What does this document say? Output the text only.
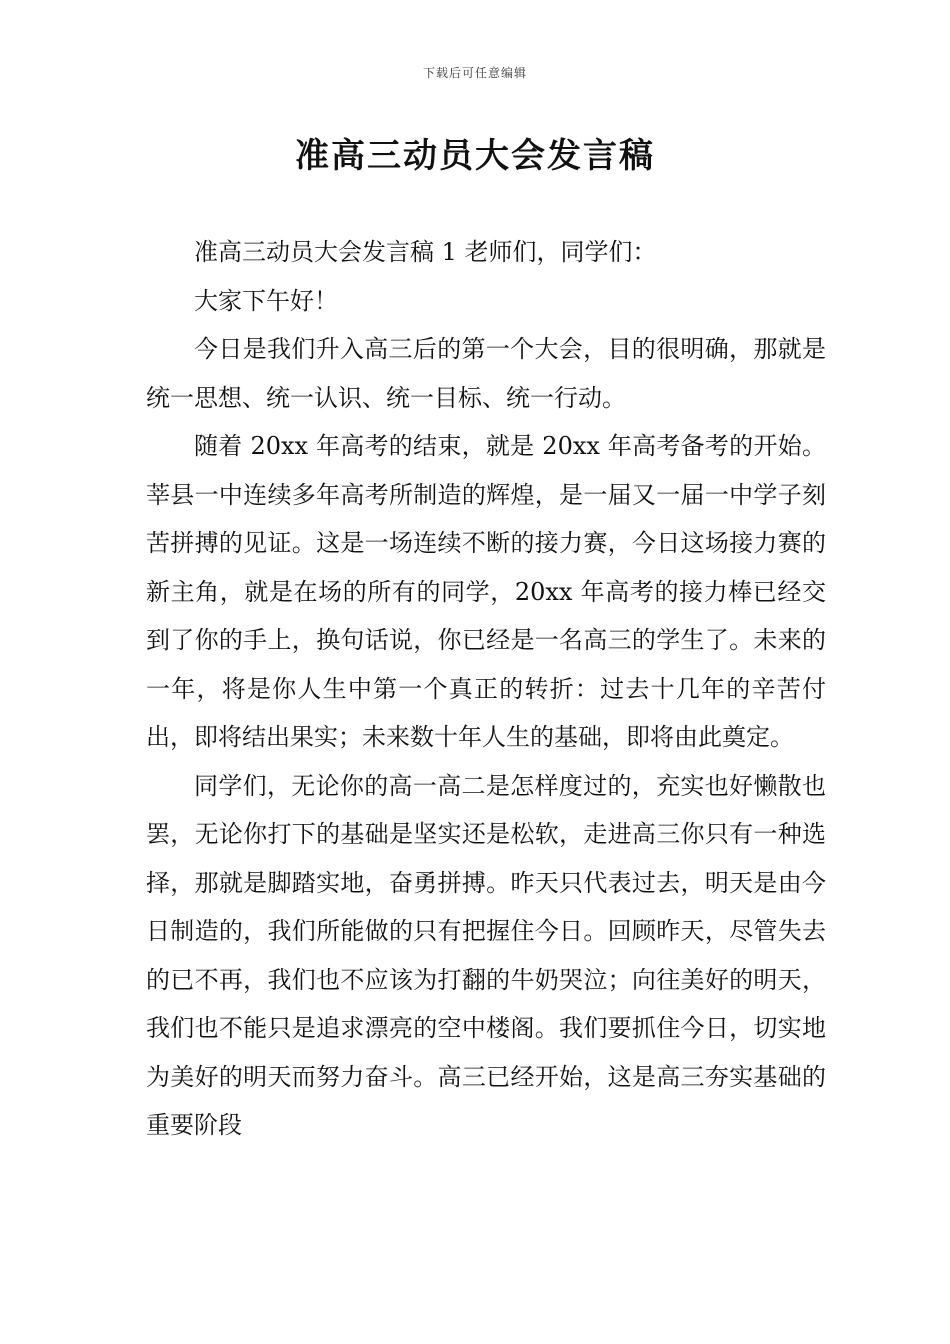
下载后可任意编辑
准高三动员大会发言稿

准高三动员大会发言稿 1 老师们，同学们：

大家下午好！

今日是我们升入高三后的第一个大会，目的很明确，那就是统一思想、统一认识、统一目标、统一行动。

随着 20xx 年高考的结束，就是 20xx 年高考备考的开始。莘县一中连续多年高考所制造的辉煌，是一届又一届一中学子刻苦拼搏的见证。这是一场连续不断的接力赛，今日这场接力赛的新主角，就是在场的所有的同学，20xx 年高考的接力棒已经交到了你的手上，换句话说，你已经是一名高三的学生了。未来的一年，将是你人生中第一个真正的转折：过去十几年的辛苦付出，即将结出果实；未来数十年人生的基础，即将由此奠定。

同学们，无论你的高一高二是怎样度过的，充实也好懒散也罢，无论你打下的基础是坚实还是松软，走进高三你只有一种选择，那就是脚踏实地，奋勇拼搏。昨天只代表过去，明天是由今日制造的，我们所能做的只有把握住今日。回顾昨天，尽管失去的已不再，我们也不应该为打翻的牛奶哭泣；向往美好的明天，我们也不能只是追求漂亮的空中楼阁。我们要抓住今日，切实地为美好的明天而努力奋斗。高三已经开始，这是高三夯实基础的重要阶段
